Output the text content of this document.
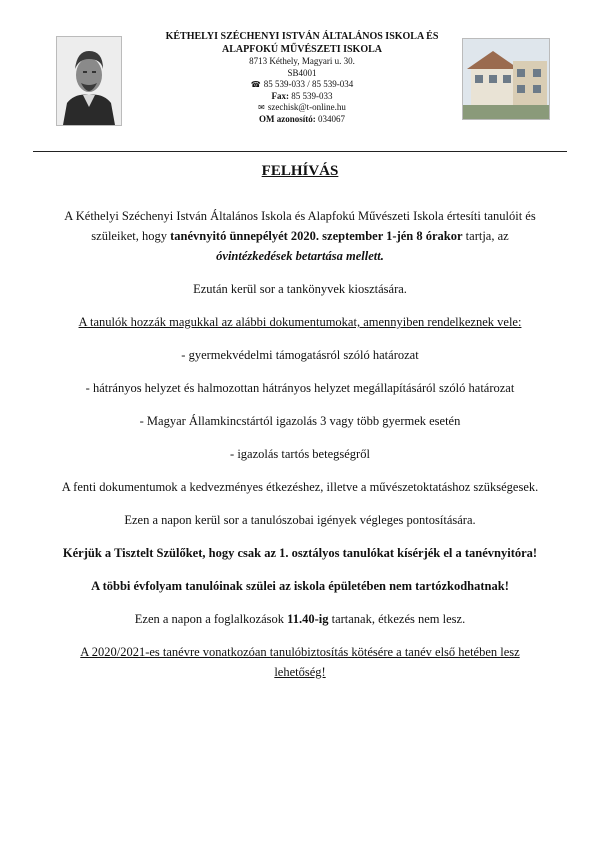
KÉTHELYI SZÉCHENYI ISTVÁN ÁLTALÁNOS ISKOLA ÉS
ALAPFOKÚ MŰVÉSZETI ISKOLA
8713 Kéthely, Magyari u. 30.
SB4001
☎ 85 539-033 / 85 539-034
Fax: 85 539-033
✉ szechisk@t-online.hu
OM azonosító: 034067
FELHÍVÁS

A Kéthelyi Széchenyi István Általános Iskola és Alapfokú Művészeti Iskola értesíti tanulóit és szüleiket, hogy tanévnyitó ünnepélyét 2020. szeptember 1-jén 8 órakor tartja, az óvintézkedések betartása mellett.

Ezután kerül sor a tankönyvek kiosztására.

A tanulók hozzák magukkal az alábbi dokumentumokat, amennyiben rendelkeznek vele:

- gyermekvédelmi támogatásról szóló határozat

- hátrányos helyzet és halmozottan hátrányos helyzet megállapításáról szóló határozat

- Magyar Államkincstártól igazolás 3 vagy több gyermek esetén

- igazolás tartós betegségről

A fenti dokumentumok a kedvezményes étkezéshez, illetve a művészetoktatáshoz szükségesek.

Ezen a napon kerül sor a tanulószobai igények végleges pontosítására.

Kérjük a Tisztelt Szülőket, hogy csak az 1. osztályos tanulókat kísérjék el a tanévnyitóra!

A többi évfolyam tanulóinak szülei az iskola épületében nem tartózkodhatnak!

Ezen a napon a foglalkozások 11.40-ig tartanak, étkezés nem lesz.

A 2020/2021-es tanévre vonatkozóan tanulóbiztosítás kötésére a tanév első hetében lesz lehetőség!
